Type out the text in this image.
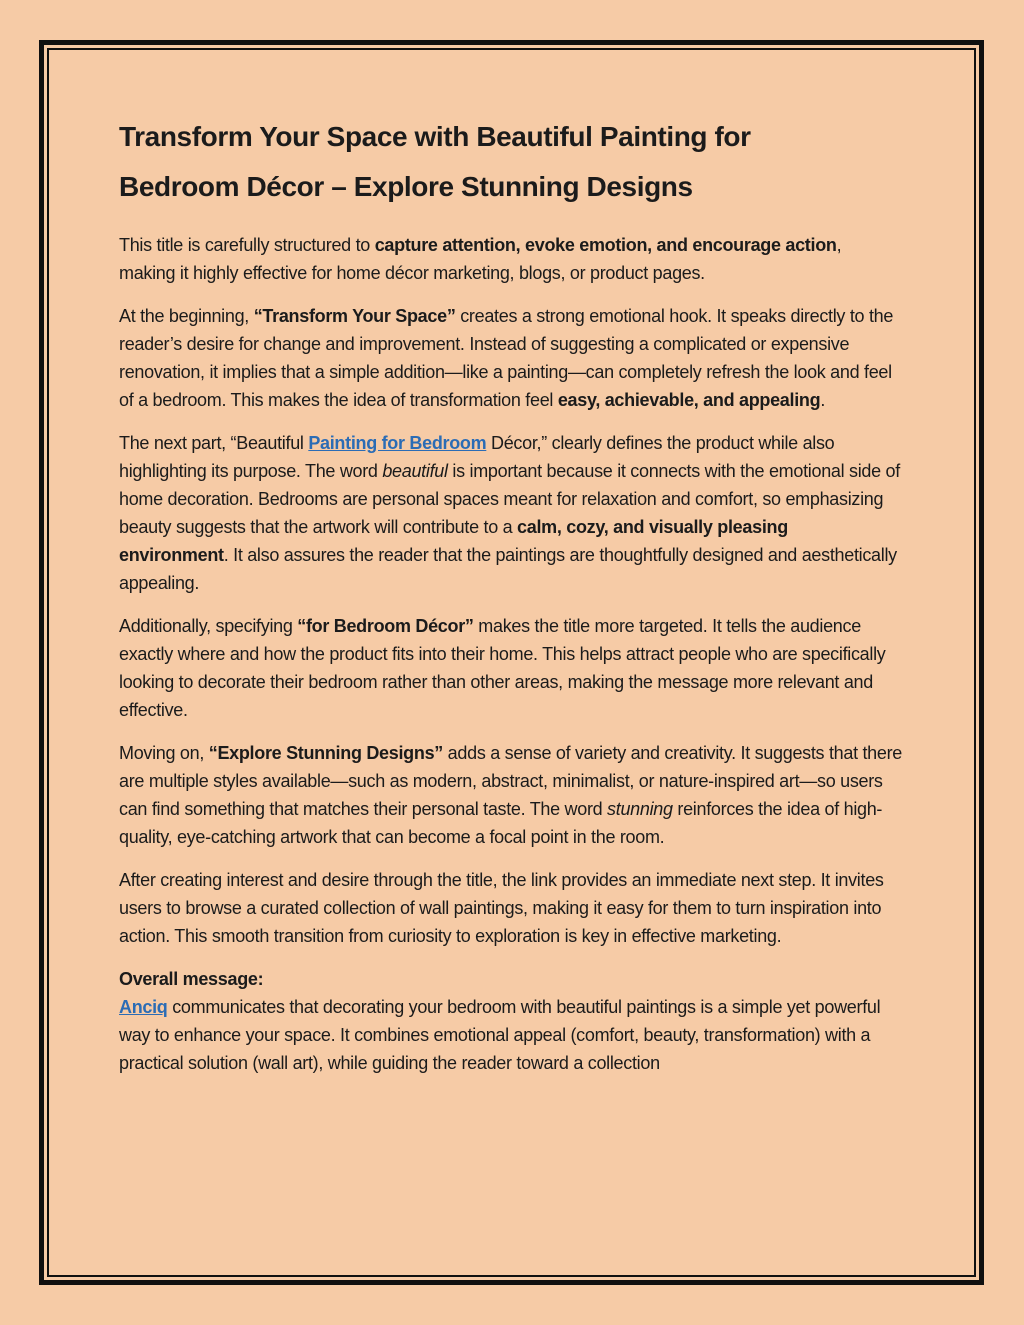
Transform Your Space with Beautiful Painting for
Bedroom Décor – Explore Stunning Designs

This title is carefully structured to capture attention, evoke emotion, and encourage action, making it highly effective for home décor marketing, blogs, or product pages.

At the beginning, “Transform Your Space” creates a strong emotional hook. It speaks directly to the reader’s desire for change and improvement. Instead of suggesting a complicated or expensive renovation, it implies that a simple addition—like a painting—can completely refresh the look and feel of a bedroom. This makes the idea of transformation feel easy, achievable, and appealing.

The next part, “Beautiful Painting for Bedroom Décor,” clearly defines the product while also highlighting its purpose. The word beautiful is important because it connects with the emotional side of home decoration. Bedrooms are personal spaces meant for relaxation and comfort, so emphasizing beauty suggests that the artwork will contribute to a calm, cozy, and visually pleasing environment. It also assures the reader that the paintings are thoughtfully designed and aesthetically appealing.

Additionally, specifying “for Bedroom Décor” makes the title more targeted. It tells the audience exactly where and how the product fits into their home. This helps attract people who are specifically looking to decorate their bedroom rather than other areas, making the message more relevant and effective.

Moving on, “Explore Stunning Designs” adds a sense of variety and creativity. It suggests that there are multiple styles available—such as modern, abstract, minimalist, or nature-inspired art—so users can find something that matches their personal taste. The word stunning reinforces the idea of high-quality, eye-catching artwork that can become a focal point in the room.

After creating interest and desire through the title, the link provides an immediate next step. It invites users to browse a curated collection of wall paintings, making it easy for them to turn inspiration into action. This smooth transition from curiosity to exploration is key in effective marketing.

Overall message:
Anciq communicates that decorating your bedroom with beautiful paintings is a simple yet powerful way to enhance your space. It combines emotional appeal (comfort, beauty, transformation) with a practical solution (wall art), while guiding the reader toward a collection
